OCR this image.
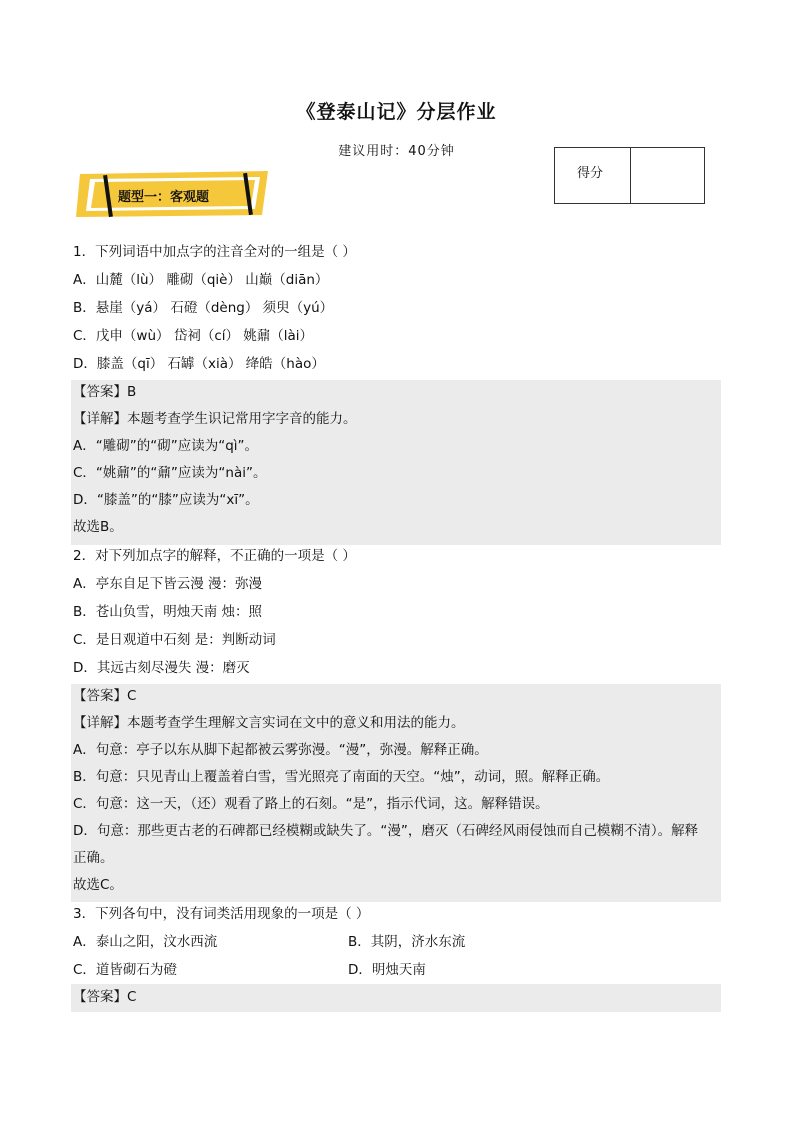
《登泰山记》分层作业
建议用时：40分钟
得分
题型一：客观题
1．下列词语中加点字的注音全对的一组是（ ）
A．山麓（lù） 雕砌（qiè） 山巅（diān）
B．悬崖（yá） 石磴（dèng） 须臾（yú）
C．戊申（wù） 岱祠（cí） 姚鼐（lài）
D．膝盖（qī） 石罅（xià） 绛皓（hào）
【答案】B
【详解】本题考查学生识记常用字字音的能力。
A．“雕砌”的“砌”应读为“qì”。
C．“姚鼐”的“鼐”应读为“nài”。
D．“膝盖”的“膝”应读为“xī”。
故选B。
2．对下列加点字的解释，不正确的一项是（ ）
A．亭东自足下皆云漫 漫：弥漫
B．苍山负雪，明烛天南 烛：照
C．是日观道中石刻 是：判断动词
D．其远古刻尽漫失 漫：磨灭
【答案】C
【详解】本题考查学生理解文言实词在文中的意义和用法的能力。
A．句意：亭子以东从脚下起都被云雾弥漫。“漫”，弥漫。解释正确。
B．句意：只见青山上覆盖着白雪，雪光照亮了南面的天空。“烛”，动词，照。解释正确。
C．句意：这一天，（还）观看了路上的石刻。“是”，指示代词，这。解释错误。
D．句意：那些更古老的石碑都已经模糊或缺失了。“漫”，磨灭（石碑经风雨侵蚀而自己模糊不清）。解释
正确。
故选C。
3．下列各句中，没有词类活用现象的一项是（ ）
A．泰山之阳，汶水西流	B．其阴，济水东流
C．道皆砌石为磴	D．明烛天南
【答案】C
